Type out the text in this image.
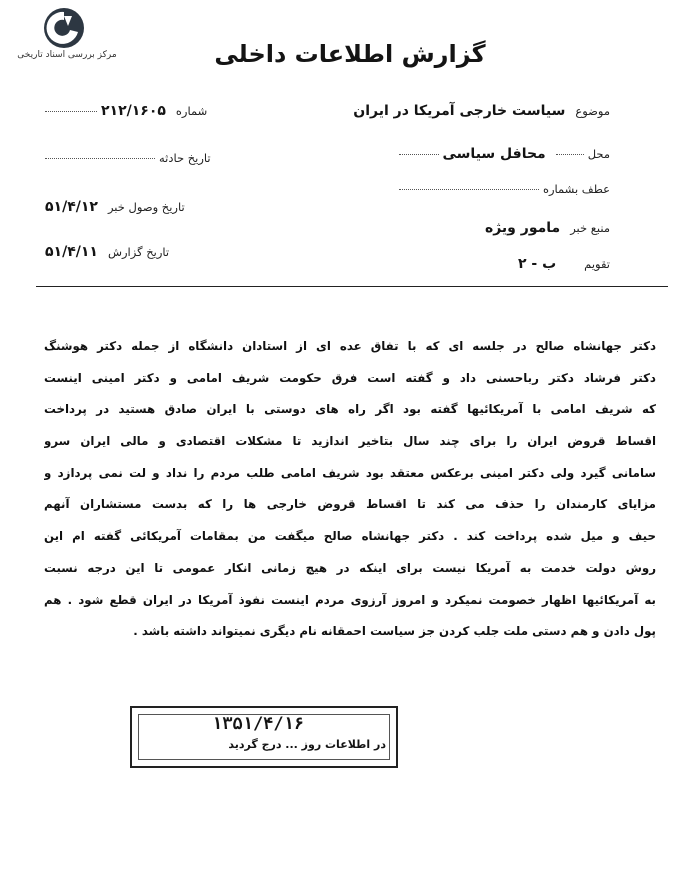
مرکز بررسی اسناد تاریخی	گزارش اطلاعات داخلی
موضوع سیاست خارجی آمریکا در ایران
محل  محافل سیاسی
عطف بشماره
منبع خبر مامور ویژه
تقویم ب - ۲
شماره ۲۱۲/۱۶۰۵
تاریخ حادثه
تاریخ وصول خبر ۵۱/۴/۱۲
تاریخ گزارش ۵۱/۴/۱۱
دکتر جهانشاه صالح در جلسه ای که با تفاق عده ای از استادان دانشگاه از جمله دکتر هوشنگ
دکتر فرشاد دکتر رباحسنی داد و گفته است فرق حکومت شریف امامی و دکتر امینی اینست
که شریف امامی با آمریکائیها گفته بود اگر راه های دوستی با ایران صادق هستید در پرداخت
اقساط قروض ایران را برای چند سال بتاخیر اندازید تا مشکلات اقتصادی و مالی ایران سرو
سامانی گیرد ولی دکتر امینی برعکس معتقد بود شریف امامی طلب مردم را نداد و لت نمی پردازد و
مزایای کارمندان را حذف می کند تا اقساط قروض خارجی ها را که بدست مستشاران آنهم
حیف و میل شده پرداخت کند . دکتر جهانشاه صالح میگفت من بمقامات آمریکائی گفته ام این
روش دولت خدمت به آمریکا نیست برای اینکه در هیچ زمانی انکار عمومی تا این درجه نسبت
به آمریکائیها اظهار خصومت نمیکرد و امروز آرزوی مردم اینست نفوذ آمریکا در ایران قطع شود . هم
پول دادن و هم دستی ملت جلب کردن جز سیاست احمقانه نام دیگری نمیتواند داشته باشد .
۱۳۵۱/۴/۱۶
در اطلاعات روز ... درج گردید
